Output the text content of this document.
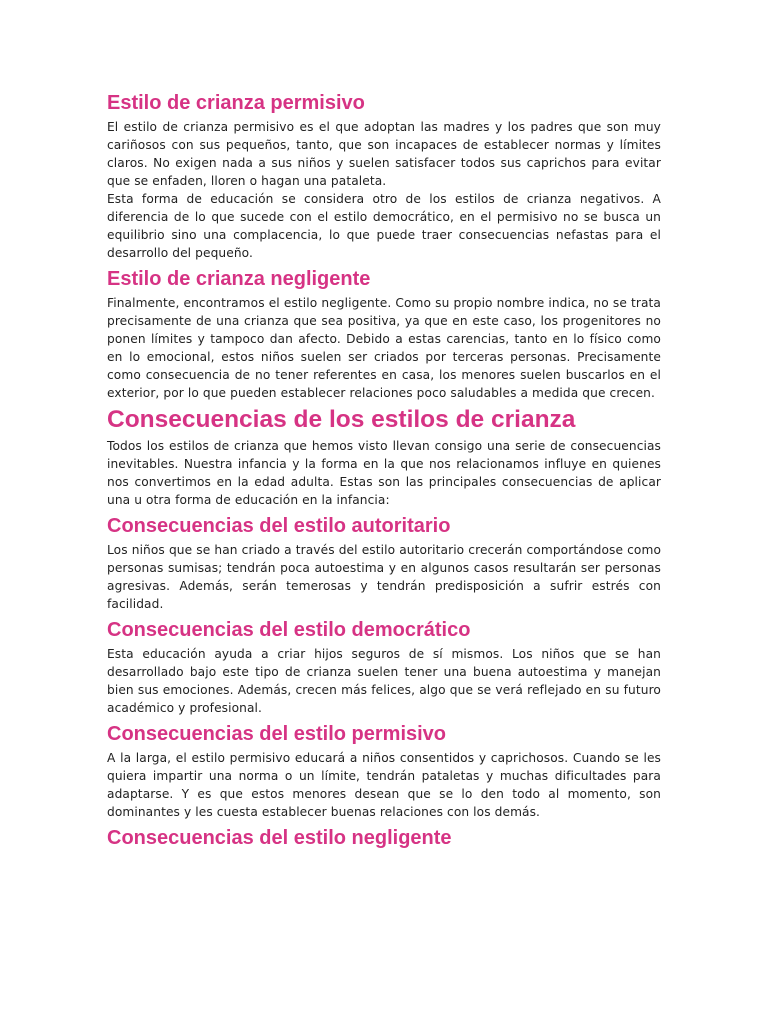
Estilo de crianza permisivo

El estilo de crianza permisivo es el que adoptan las madres y los padres que son muy cariñosos con sus pequeños, tanto, que son incapaces de establecer normas y límites claros. No exigen nada a sus niños y suelen satisfacer todos sus caprichos para evitar que se enfaden, lloren o hagan una pataleta.

Esta forma de educación se considera otro de los estilos de crianza negativos. A diferencia de lo que sucede con el estilo democrático, en el permisivo no se busca un equilibrio sino una complacencia, lo que puede traer consecuencias nefastas para el desarrollo del pequeño.

Estilo de crianza negligente

Finalmente, encontramos el estilo negligente. Como su propio nombre indica, no se trata precisamente de una crianza que sea positiva, ya que en este caso, los progenitores no ponen límites y tampoco dan afecto. Debido a estas carencias, tanto en lo físico como en lo emocional, estos niños suelen ser criados por terceras personas. Precisamente como consecuencia de no tener referentes en casa, los menores suelen buscarlos en el exterior, por lo que pueden establecer relaciones poco saludables a medida que crecen.

Consecuencias de los estilos de crianza

Todos los estilos de crianza que hemos visto llevan consigo una serie de consecuencias inevitables. Nuestra infancia y la forma en la que nos relacionamos influye en quienes nos convertimos en la edad adulta. Estas son las principales consecuencias de aplicar una u otra forma de educación en la infancia:

Consecuencias del estilo autoritario

Los niños que se han criado a través del estilo autoritario crecerán comportándose como personas sumisas; tendrán poca autoestima y en algunos casos resultarán ser personas agresivas. Además, serán temerosas y tendrán predisposición a sufrir estrés con facilidad.

Consecuencias del estilo democrático

Esta educación ayuda a criar hijos seguros de sí mismos. Los niños que se han desarrollado bajo este tipo de crianza suelen tener una buena autoestima y manejan bien sus emociones. Además, crecen más felices, algo que se verá reflejado en su futuro académico y profesional.

Consecuencias del estilo permisivo

A la larga, el estilo permisivo educará a niños consentidos y caprichosos. Cuando se les quiera impartir una norma o un límite, tendrán pataletas y muchas dificultades para adaptarse. Y es que estos menores desean que se lo den todo al momento, son dominantes y les cuesta establecer buenas relaciones con los demás.

Consecuencias del estilo negligente
